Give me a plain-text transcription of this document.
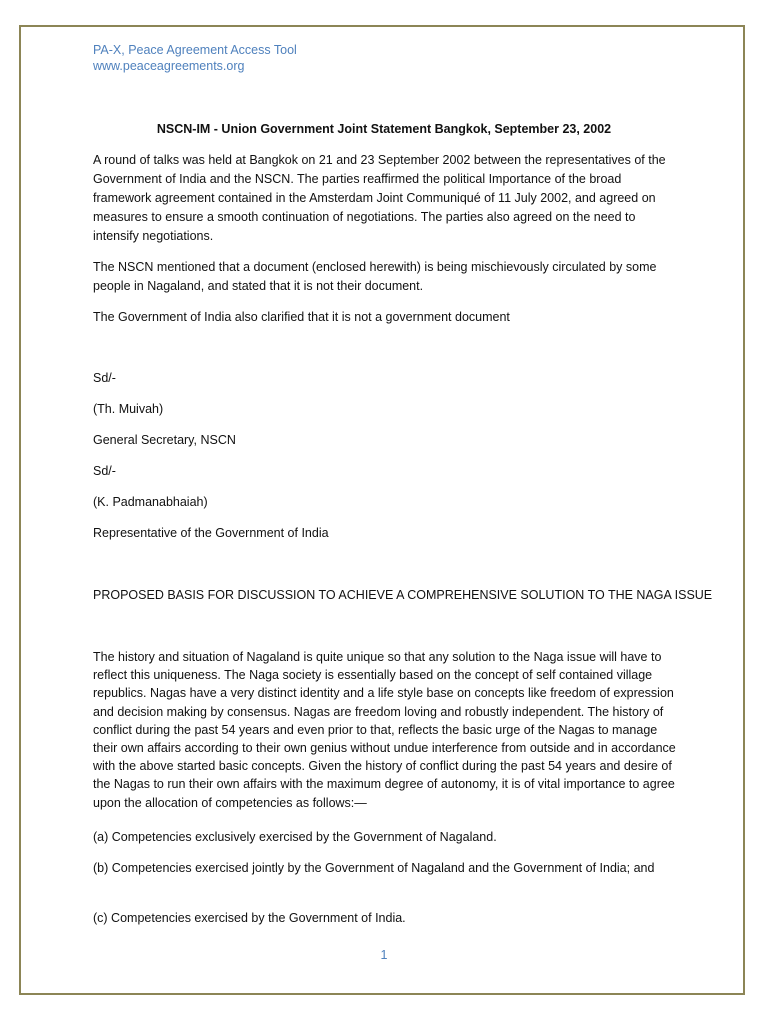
PA-X, Peace Agreement Access Tool
www.peaceagreements.org
NSCN-IM - Union Government Joint Statement Bangkok, September 23, 2002

A round of talks was held at Bangkok on 21 and 23 September 2002 between the representatives of the Government of India and the NSCN. The parties reaffirmed the political Importance of the broad framework agreement contained in the Amsterdam Joint Communiqué of 11 July 2002, and agreed on measures to ensure a smooth continuation of negotiations. The parties also agreed on the need to intensify negotiations.

The NSCN mentioned that a document (enclosed herewith) is being mischievously circulated by some people in Nagaland, and stated that it is not their document.

The Government of India also clarified that it is not a government document

Sd/-
(Th. Muivah)
General Secretary, NSCN
Sd/-
(K. Padmanabhaiah)
Representative of the Government of India
PROPOSED BASIS FOR DISCUSSION TO ACHIEVE A COMPREHENSIVE SOLUTION TO THE NAGA ISSUE

The history and situation of Nagaland is quite unique so that any solution to the Naga issue will have to reflect this uniqueness. The Naga society is essentially based on the concept of self contained village republics. Nagas have a very distinct identity and a life style base on concepts like freedom of expression and decision making by consensus. Nagas are freedom loving and robustly independent. The history of conflict during the past 54 years and even prior to that, reflects the basic urge of the Nagas to manage their own affairs according to their own genius without undue interference from outside and in accordance with the above started basic concepts. Given the history of conflict during the past 54 years and desire of the Nagas to run their own affairs with the maximum degree of autonomy, it is of vital importance to agree upon the allocation of competencies as follows:—

(a) Competencies exclusively exercised by the Government of Nagaland.

(b) Competencies exercised jointly by the Government of Nagaland and the Government of India; and

(c) Competencies exercised by the Government of India.

1
